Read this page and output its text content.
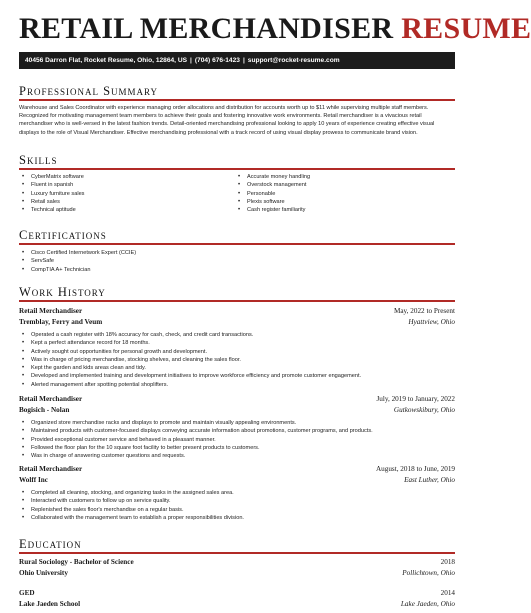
RETAIL MERCHANDISER RESUME
40456 Darron Flat, Rocket Resume, Ohio, 12864, US | (704) 676-1423 | support@rocket-resume.com
Professional Summary
Warehouse and Sales Coordinator with experience managing order allocations and distribution for accounts worth up to $11 while supervising multiple staff members. Recognized for motivating management team members to achieve their goals and fostering innovative work environments. Retail merchandiser is a vivacious retail merchandiser who is well-versed in the latest fashion trends. Detail-oriented merchandising professional looking to apply 10 years of experience creating effective visual displays to the role of Visual Merchandiser. Effective merchandising professional with a track record of using visual display prowess to communicate brand vision.
Skills
• CyberMatrix software
• Fluent in spanish
• Luxury furniture sales
• Retail sales
• Technical aptitude
• Accurate money handling
• Overstock management
• Personable
• Plexis software
• Cash register familiarity
Certifications
• Cisco Certified Internetwork Expert (CCIE)
• ServSafe
• CompTIA A+ Technician
Work History
Retail Merchandiser	May, 2022 to Present
Tremblay, Ferry and Veum	Hyattview, Ohio
• Operated a cash register with 18% accuracy for cash, check, and credit card transactions.
• Kept a perfect attendance record for 18 months.
• Actively sought out opportunities for personal growth and development.
• Was in charge of pricing merchandise, stocking shelves, and cleaning the sales floor.
• Kept the garden and kids areas clean and tidy.
• Developed and implemented training and development initiatives to improve workforce efficiency and promote customer engagement.
• Alerted management after spotting potential shoplifters.
Retail Merchandiser	July, 2019 to January, 2022
Bogisich - Nolan	Gutkowskibury, Ohio
• Organized store merchandise racks and displays to promote and maintain visually appealing environments.
• Maintained products with customer-focused displays conveying accurate information about promotions, customer programs, and products.
• Provided exceptional customer service and behaved in a pleasant manner.
• Followed the floor plan for the 10 square foot facility to better present products to customers.
• Was in charge of answering customer questions and requests.
Retail Merchandiser	August, 2018 to June, 2019
Wolff Inc	East Luther, Ohio
• Completed all cleaning, stocking, and organizing tasks in the assigned sales area.
• Interacted with customers to follow up on service quality.
• Replenished the sales floor's merchandise on a regular basis.
• Collaborated with the management team to establish a proper responsibilities division.
Education
Rural Sociology - Bachelor of Science	2018
Ohio University	Pollichtown, Ohio
GED	2014
Lake Jaeden School	Lake Jaeden, Ohio
